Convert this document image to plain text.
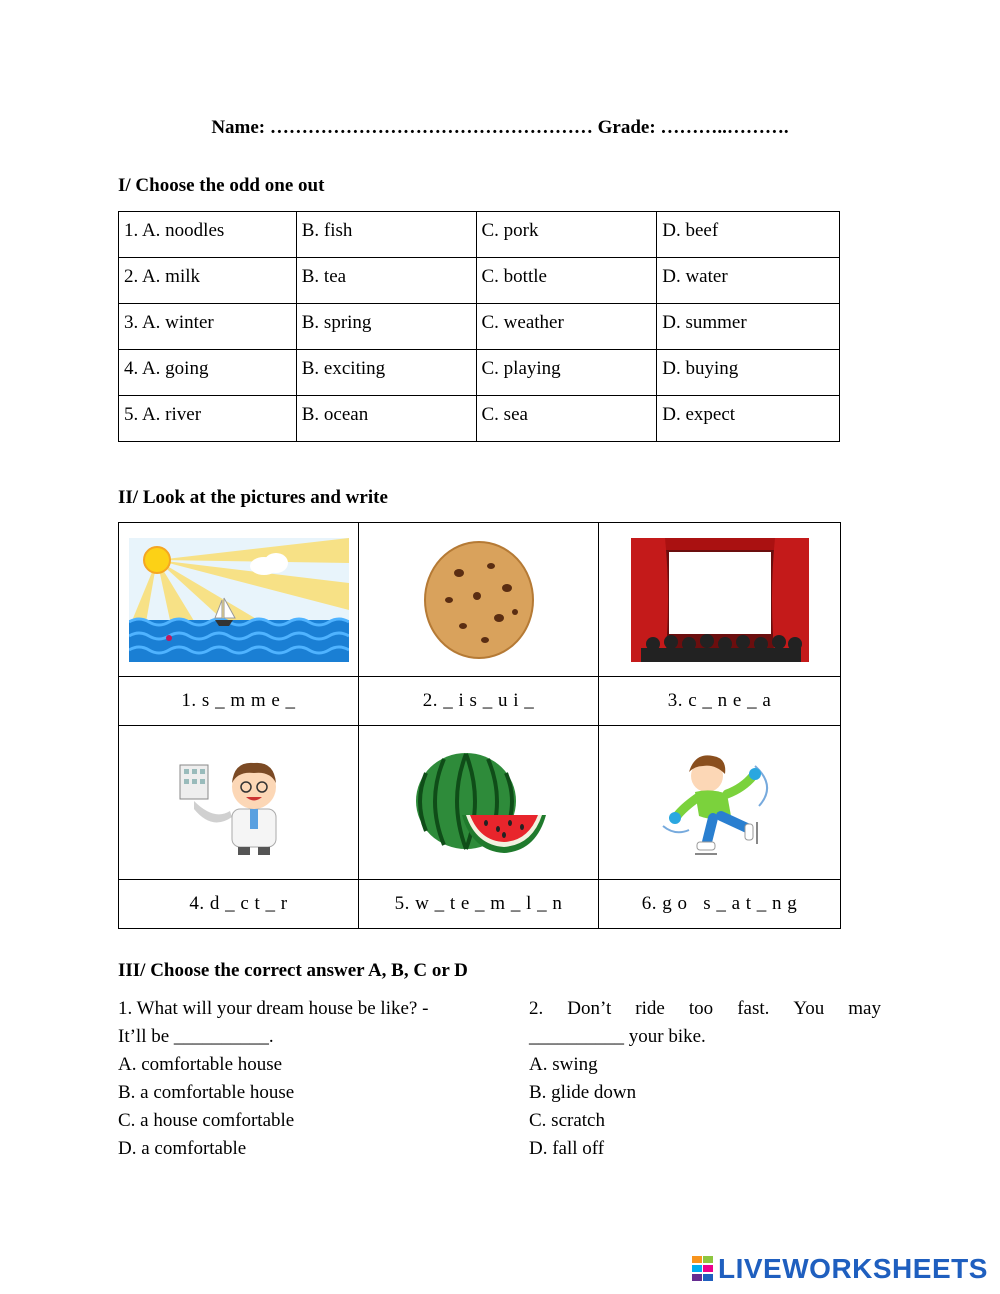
Name: …………………………………………… Grade: ………..……….
I/ Choose the odd one out
1. A. noodles	B. fish	C. pork	D. beef
2. A. milk	B. tea	C. bottle	D. water
3. A. winter	B. spring	C. weather	D. summer
4. A. going	B. exciting	C. playing	D. buying
5. A. river	B. ocean	C. sea	D. expect
II/ Look at the pictures and write

1. s _ m m e _	2. _ i s _ u i _	3. c _ n e _ a

4. d _ c t _ r	5. w _ t e _ m _ l _ n	6. g o   s _ a t _ n g
III/ Choose the correct answer A, B, C or D
1. What will your dream house be like? -
It’ll be __________.
A. comfortable house
B. a comfortable house
C. a house comfortable
D. a comfortable
2. Don’t ride too fast. You may
__________ your bike.
A. swing
B. glide down
C. scratch
D. fall off
LIVEWORKSHEETS
